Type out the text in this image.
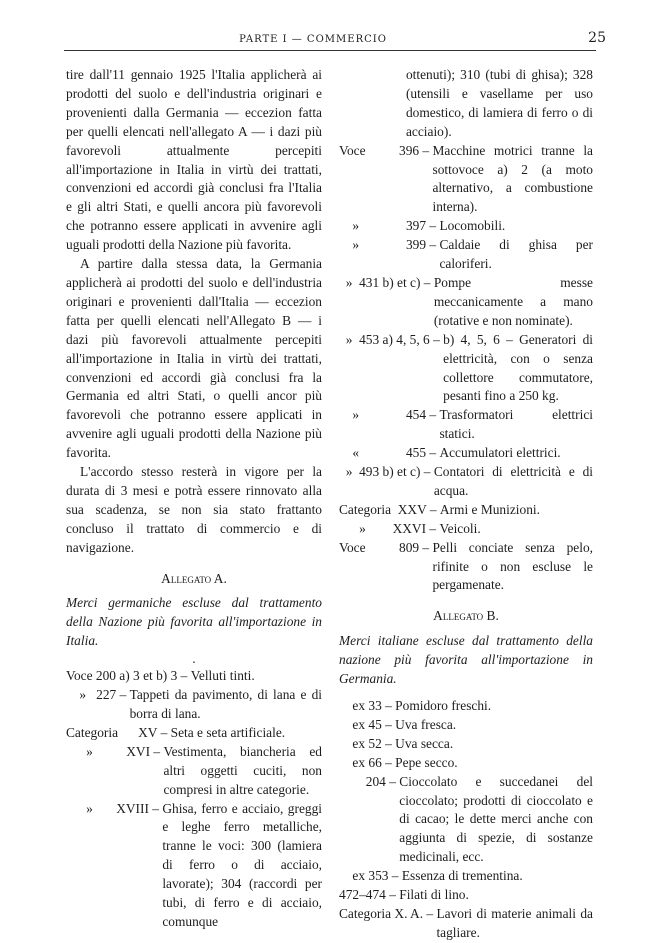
PARTE I — COMMERCIO	25

tire dall'11 gennaio 1925 l'Italia applicherà ai prodotti del suolo e dell'industria originari e provenienti dalla Germania — eccezion fatta per quelli elencati nell'allegato A — i dazi più favorevoli attualmente percepiti all'importazione in Italia in virtù dei trattati, convenzioni ed accordi già conclusi fra l'Italia e gli altri Stati, e quelli ancora più favorevoli che potranno essere applicati in avvenire agli uguali prodotti della Nazione più favorita.

A partire dalla stessa data, la Germania applicherà ai prodotti del suolo e dell'industria originari e provenienti dall'Italia — eccezion fatta per quelli elencati nell'Allegato B — i dazi più favorevoli attualmente percepiti all'importazione in Italia in virtù dei trattati, convenzioni ed accordi già conclusi fra la Germania ed altri Stati, o quelli ancor più favorevoli che potranno essere applicati in avvenire agli uguali prodotti della Nazione più favorita.

L'accordo stesso resterà in vigore per la durata di 3 mesi e potrà essere rinnovato alla sua scadenza, se non sia stato frattanto concluso il trattato di commercio e di navigazione.

Allegato A.

Merci germaniche escluse dal trattamento della Nazione più favorita all'importazione in Italia.

·
Voce 200 a) 3 et b) 3 – Velluti tinti.
»   227 – Tappeti da pavimento, di lana e di borra di lana.
Categoria      XV – Seta e seta artificiale.
»          XVI – Vestimenta, biancheria ed altri oggetti cuciti, non compresi in altre categorie.
»       XVIII – Ghisa, ferro e acciaio, greggi e leghe ferro metalliche, tranne le voci: 300 (lamiera di ferro o di acciaio, lavorate); 304 (raccordi per tubi, di ferro e di acciaio, comunque

ottenuti); 310 (tubi di ghisa); 328 (utensili e vasellame per uso domestico, di lamiera di ferro o di acciaio).
Voce          396 – Macchine motrici tranne la sottovoce a) 2 (a moto alternativo, a combustione interna).
»              397 – Locomobili.
»              399 – Caldaie di ghisa per caloriferi.
»  431 b) et c) – Pompe messe meccanicamente a mano (rotative e non nominate).
»  453 a) 4, 5, 6 – b) 4, 5, 6 – Generatori di elettricità, con o senza collettore commutatore, pesanti fino a 250 kg.
»              454 – Trasformatori elettrici statici.
«              455 – Accumulatori elettrici.
»  493 b) et c) – Contatori di elettricità e di acqua.
Categoria  XXV – Armi e Munizioni.
»        XXVI – Veicoli.
Voce          809 – Pelli conciate senza pelo, rifinite o non escluse le pergamenate.
Allegato B.

Merci italiane escluse dal trattamento della nazione più favorita all'importazione in Germania.

ex 33 – Pomidoro freschi.
ex 45 – Uva fresca.
ex 52 – Uva secca.
ex 66 – Pepe secco.
204 – Cioccolato e succedanei del cioccolato; prodotti di cioccolato e di cacao; le dette merci anche con aggiunta di spezie, di sostanze medicinali, ecc.
ex 353 – Essenza di trementina.
472–474 – Filati di lino.
Categoria X. A. – Lavori di materie animali da tagliare.
